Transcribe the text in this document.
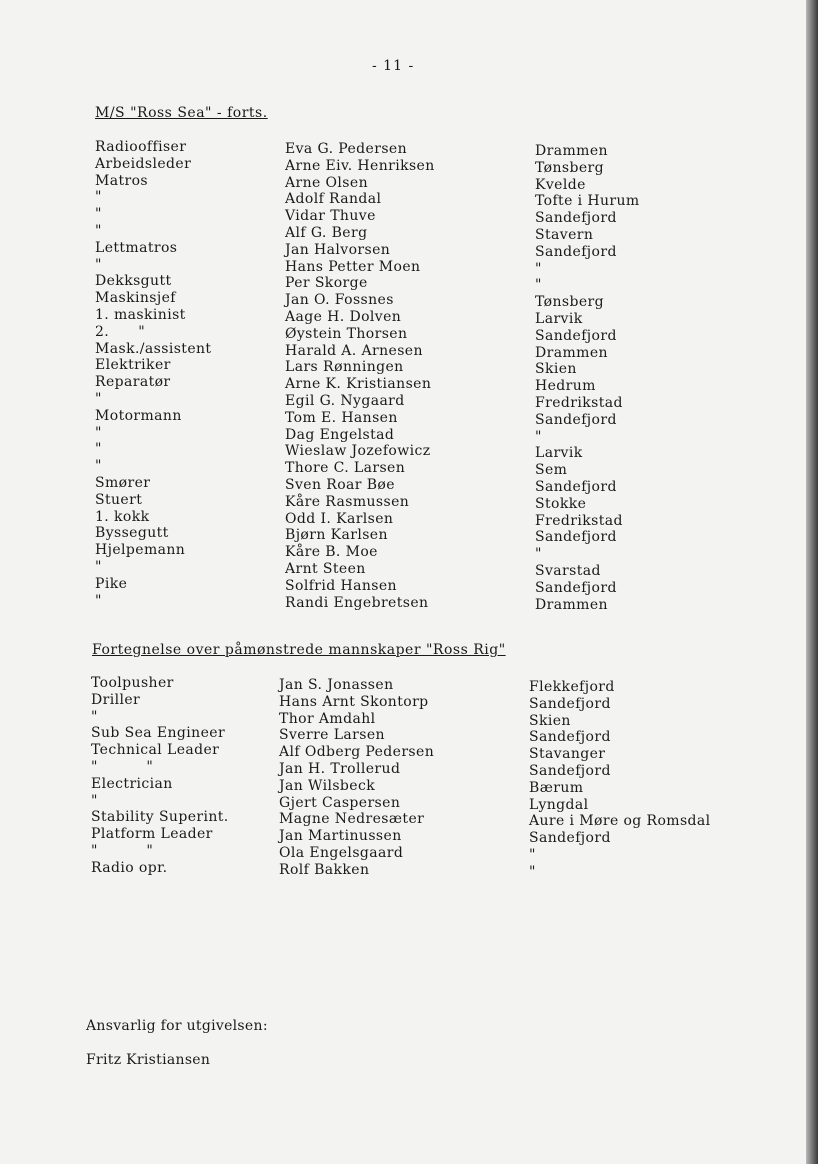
- 11 -
M/S "Ross Sea" - forts.
Radiooffiser
Arbeidsleder
Matros
"
"
"
Lettmatros
"
Dekksgutt
Maskinsjef
1. maskinist
2.      "
Mask./assistent
Elektriker
Reparatør
"
Motormann
"
"
"
Smører
Stuert
1. kokk
Byssegutt
Hjelpemann
"
Pike
"
Eva G. Pedersen
Arne Eiv. Henriksen
Arne Olsen
Adolf Randal
Vidar Thuve
Alf G. Berg
Jan Halvorsen
Hans Petter Moen
Per Skorge
Jan O. Fossnes
Aage H. Dolven
Øystein Thorsen
Harald A. Arnesen
Lars Rønningen
Arne K. Kristiansen
Egil G. Nygaard
Tom E. Hansen
Dag Engelstad
Wieslaw Jozefowicz
Thore C. Larsen
Sven Roar Bøe
Kåre Rasmussen
Odd I. Karlsen
Bjørn Karlsen
Kåre B. Moe
Arnt Steen
Solfrid Hansen
Randi Engebretsen
Drammen
Tønsberg
Kvelde
Tofte i Hurum
Sandefjord
Stavern
Sandefjord
"
"
Tønsberg
Larvik
Sandefjord
Drammen
Skien
Hedrum
Fredrikstad
Sandefjord
"
Larvik
Sem
Sandefjord
Stokke
Fredrikstad
Sandefjord
"
Svarstad
Sandefjord
Drammen
Fortegnelse over påmønstrede mannskaper "Ross Rig"
Toolpusher
Driller
"
Sub Sea Engineer
Technical Leader
"          "
Electrician
"
Stability Superint.
Platform Leader
"          "
Radio opr.
Jan S. Jonassen
Hans Arnt Skontorp
Thor Amdahl
Sverre Larsen
Alf Odberg Pedersen
Jan H. Trollerud
Jan Wilsbeck
Gjert Caspersen
Magne Nedresæter
Jan Martinussen
Ola Engelsgaard
Rolf Bakken
Flekkefjord
Sandefjord
Skien
Sandefjord
Stavanger
Sandefjord
Bærum
Lyngdal
Aure i Møre og Romsdal
Sandefjord
"
"
Ansvarlig for utgivelsen:
Fritz Kristiansen
